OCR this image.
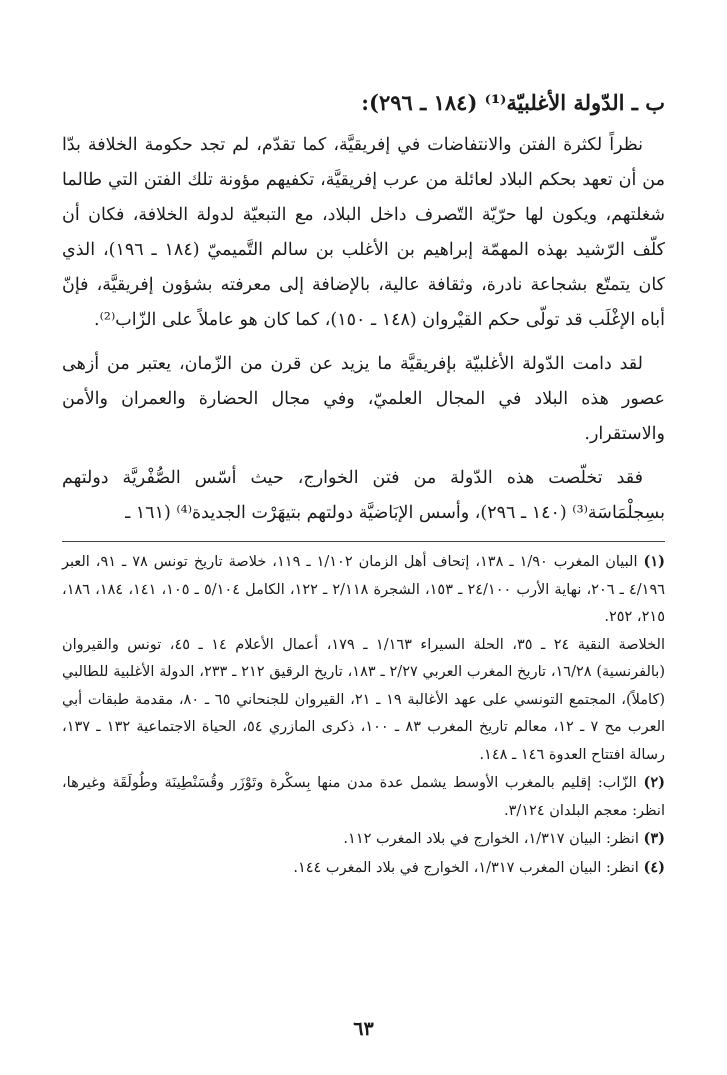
ب ـ الدّولة الأغلبيّة⁽¹⁾ (١٨٤ ـ ٢٩٦):

نظراً لكثرة الفتن والانتفاضات في إفريقيَّة، كما تقدّم، لم تجد حكومة الخلافة بدّا من أن تعهد بحكم البلاد لعائلة من عرب إفريقيَّة، تكفيهم مؤونة تلك الفتن التي طالما شغلتهم، ويكون لها حرّيّة التّصرف داخل البلاد، مع التبعيّة لدولة الخلافة، فكان أن كلّف الرّشيد بهذه المهمّة إبراهيم بن الأغلب بن سالم التَّميميّ (١٨٤ ـ ١٩٦)، الذي كان يتمتّع بشجاعة نادرة، وثقافة عالية، بالإضافة إلى معرفته بشؤون إفريقيَّة، فإنّ أباه الإغْلَب قد تولّى حكم القيْروان (١٤٨ ـ ١٥٠)، كما كان هو عاملاً على الزّاب⁽²⁾.

لقد دامت الدّولة الأغلبيّة بإفريقيَّة ما يزيد عن قرن من الزّمان، يعتبر من أزهى عصور هذه البلاد في المجال العلميّ، وفي مجال الحضارة والعمران والأمن والاستقرار.

فقد تخلّصت هذه الدّولة من فتن الخوارج، حيث أسّس الصُّفْريَّة دولتهم بسِجلْمَاسَة⁽³⁾ (١٤٠ ـ ٢٩٦)، وأسس الإبَاضيَّة دولتهم بتيهَرْت الجديدة⁽⁴⁾ (١٦١ ـ

(١) البيان المغرب ١/٩٠ ـ ١٣٨، إتحاف أهل الزمان ١/١٠٢ ـ ١١٩، خلاصة تاريخ تونس ٧٨ ـ ٩١، العبر ٤/١٩٦ ـ ٢٠٦، نهاية الأرب ٢٤/١٠٠ ـ ١٥٣، الشجرة ٢/١١٨ ـ ١٢٢، الكامل ٥/١٠٤ ـ ١٠٥، ١٤١، ١٨٤، ١٨٦، ٢١٥، ٢٥٢.

الخلاصة النقية ٢٤ ـ ٣٥، الحلة السيراء ١/١٦٣ ـ ١٧٩، أعمال الأعلام ١٤ ـ ٤٥، تونس والقيروان (بالفرنسية) ١٦/٢٨، تاريخ المغرب العربي ٢/٢٧ ـ ١٨٣، تاريخ الرقيق ٢١٢ ـ ٢٣٣، الدولة الأغلبية للطالبي (كاملاً)، المجتمع التونسي على عهد الأغالبة ١٩ ـ ٢١، القيروان للجنحاني ٦٥ ـ ٨٠، مقدمة طبقات أبي العرب مح ٧ ـ ١٢، معالم تاريخ المغرب ٨٣ ـ ١٠٠، ذكرى المازري ٥٤، الحياة الاجتماعية ١٣٢ ـ ١٣٧، رسالة افتتاح العدوة ١٤٦ ـ ١٤٨.

(٢) الزّاب: إقليم بالمغرب الأوسط يشمل عدة مدن منها بِسكْرة وتَوْزَر وقُسَنْطِينَة وطُولَقَة وغيرها، انظر: معجم البلدان ٣/١٢٤.

(٣) انظر: البيان ١/٣١٧، الخوارج في بلاد المغرب ١١٢.

(٤) انظر: البيان المغرب ١/٣١٧، الخوارج في بلاد المغرب ١٤٤.

٦٣
